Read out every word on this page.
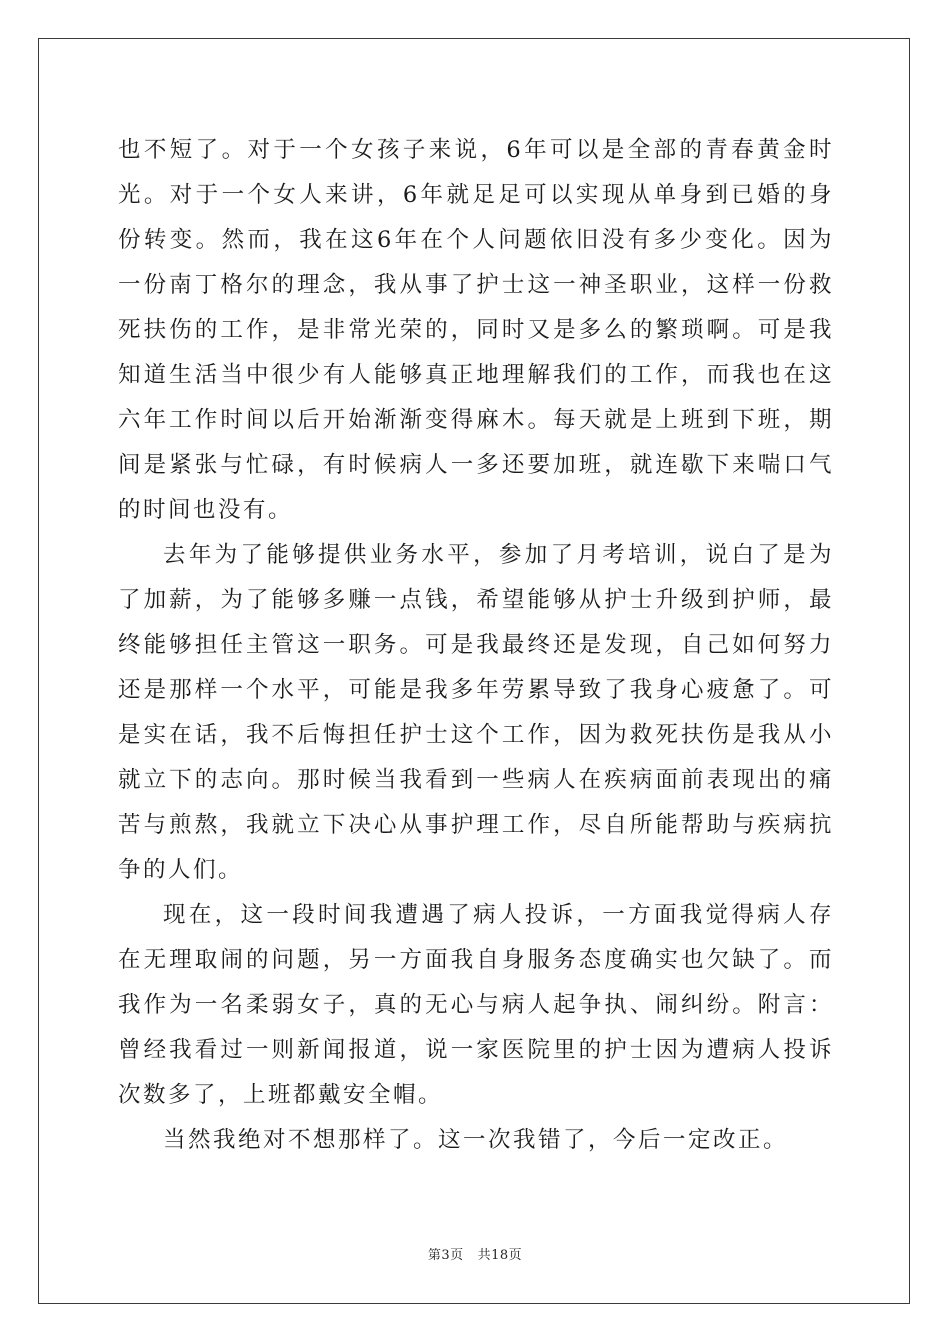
也不短了。对于一个女孩子来说，6年可以是全部的青春黄金时光。对于一个女人来讲，6年就足足可以实现从单身到已婚的身份转变。然而，我在这6年在个人问题依旧没有多少变化。因为一份南丁格尔的理念，我从事了护士这一神圣职业，这样一份救死扶伤的工作，是非常光荣的，同时又是多么的繁琐啊。可是我知道生活当中很少有人能够真正地理解我们的工作，而我也在这六年工作时间以后开始渐渐变得麻木。每天就是上班到下班，期间是紧张与忙碌，有时候病人一多还要加班，就连歇下来喘口气的时间也没有。

去年为了能够提供业务水平，参加了月考培训，说白了是为了加薪，为了能够多赚一点钱，希望能够从护士升级到护师，最终能够担任主管这一职务。可是我最终还是发现，自己如何努力还是那样一个水平，可能是我多年劳累导致了我身心疲惫了。可是实在话，我不后悔担任护士这个工作，因为救死扶伤是我从小就立下的志向。那时候当我看到一些病人在疾病面前表现出的痛苦与煎熬，我就立下决心从事护理工作，尽自所能帮助与疾病抗争的人们。

现在，这一段时间我遭遇了病人投诉，一方面我觉得病人存在无理取闹的问题，另一方面我自身服务态度确实也欠缺了。而我作为一名柔弱女子，真的无心与病人起争执、闹纠纷。附言：曾经我看过一则新闻报道，说一家医院里的护士因为遭病人投诉次数多了，上班都戴安全帽。

当然我绝对不想那样了。这一次我错了，今后一定改正。

第3页 共18页
